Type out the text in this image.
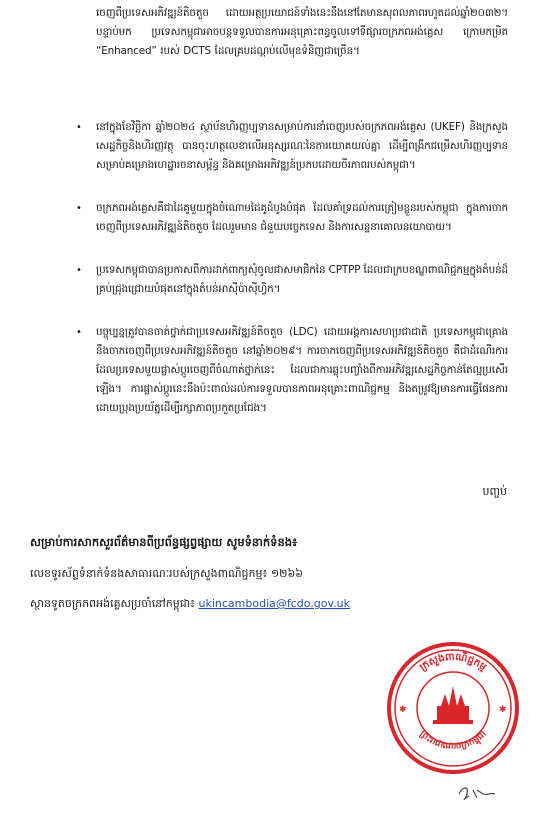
ចេញពីប្រទេសអភិវឌ្ឍន៍តិចតួច ដោយអត្ថប្រយោជន៍ទាំងនេះនឹងនៅតែមានសុពលភាពរហូតដល់ឆ្នាំ២០៣២។ បន្ទាប់មក ប្រទេសកម្ពុជាអាចបន្តទទួលបានការអនុគ្រោះពន្ធចូលទៅទីផ្សារចក្រភពអង់គ្លេស ក្រោមកម្រិត “Enhanced” របស់ DCTS ដែលគ្របដណ្តប់លើមុខទំនិញជាច្រើន។

• នៅក្នុងខែវិច្ឆិកា ឆ្នាំ២០២៤ ស្ថាប័នហិរញ្ញប្បទានសម្រាប់ការនាំចេញរបស់ចក្រភពអង់គ្លេស (UKEF) និងក្រសួងសេដ្ឋកិច្ចនិងហិរញ្ញវត្ថុ បានចុះហត្ថលេខាលើអនុស្សរណៈនៃការយោគយល់គ្នា ដើម្បីពង្រីកជម្រើសហិរញ្ញប្បទានសម្រាប់គម្រោងហេដ្ឋារចនាសម្ព័ន្ធ និងគម្រោងអភិវឌ្ឍន៍ប្រកបដោយចីរភាពរបស់កម្ពុជា។
• ចក្រភពអង់គ្លេសគឺជាដៃគូមួយក្នុងចំណោមដៃគូដំបូងបំផុត ដែលគាំទ្រដល់ការត្រៀមខ្លួនរបស់កម្ពុជា ក្នុងការចាកចេញពីប្រទេសអភិវឌ្ឍន៍តិចតួច ដែលរួមមាន ជំនួយបច្ចេកទេស និងការសន្ទនាគោលនយោបាយ។
• ប្រទេសកម្ពុជាបានប្រកាសពីការដាក់ពាក្យសុំចូលជាសមាជិកនៃ CPTPP ដែលជាក្របខណ្ឌពាណិជ្ជកម្មក្នុងតំបន់ដ៏គ្រប់ជ្រុងជ្រោយបំផុតនៅក្នុងតំបន់អាស៊ីប៉ាស៊ីហ្វិក។
• បច្ចុប្បន្នត្រូវបានចាត់ថ្នាក់ជាប្រទេសអភិវឌ្ឍន៍តិចតួច (LDC) ដោយអង្គការសហប្រជាជាតិ ប្រទេសកម្ពុជាគ្រោងនឹងចាកចេញពីប្រទេសអភិវឌ្ឍន៍តិចតួច នៅឆ្នាំ២០២៩។ ការចាកចេញពីប្រទេសអភិវឌ្ឍន៍តិចតួច គឺជាដំណើរការដែលប្រទេសមួយផ្លាស់ប្តូរចេញពីចំណាត់ថ្នាក់នេះ ដែលជាការឆ្លុះបញ្ចាំងពីការអភិវឌ្ឍសេដ្ឋកិច្ចកាន់តែល្អប្រសើរឡើង។ ការផ្លាស់ប្តូរនេះនឹងប៉ះពាល់ដល់ការទទួលបានភាពអនុគ្រោះពាណិជ្ជកម្ម និងតម្រូវឱ្យមានការធ្វើផែនការដោយប្រុងប្រយ័ត្នដើម្បីរក្សាភាពប្រកួតប្រជែង។
បញ្ចប់
សម្រាប់ការសាកសួរព័ត៌មានពីប្រព័ន្ធផ្សព្វផ្សាយ សូមទំនាក់ទំនង៖
លេខទូរស័ព្ទទំនាក់ទំនងសាធារណៈរបស់ក្រសួងពាណិជ្ជកម្ម៖ ១២៦៦
ស្ថានទូតចក្រភពអង់គ្លេសប្រចាំនៅកម្ពុជា៖ ukincambodia@fcdo.gov.uk
ក្រសួងពាណិជ្ជកម្ម
ព្រះរាជាណាចក្រកម្ពុជា
✱	✱
